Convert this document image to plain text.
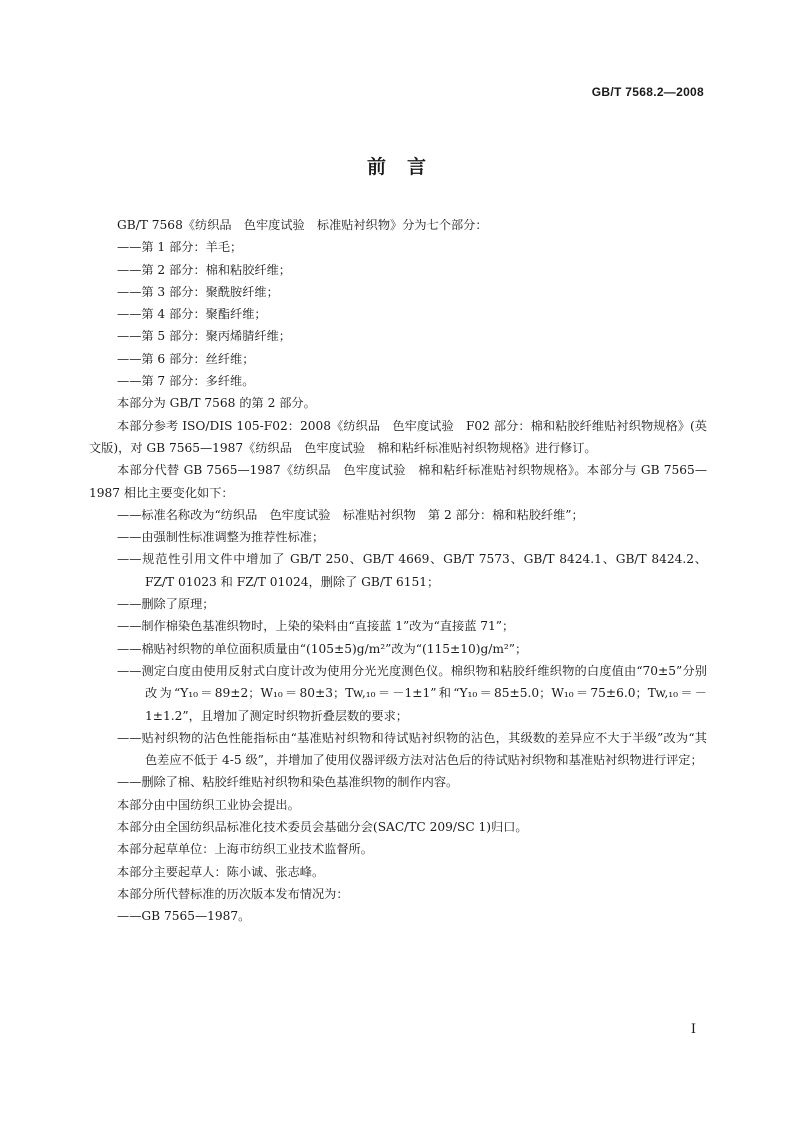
GB/T 7568.2—2008
前　言

GB/T 7568《纺织品　色牢度试验　标准贴衬织物》分为七个部分：

——第 1 部分：羊毛；

——第 2 部分：棉和粘胶纤维；

——第 3 部分：聚酰胺纤维；

——第 4 部分：聚酯纤维；

——第 5 部分：聚丙烯腈纤维；

——第 6 部分：丝纤维；

——第 7 部分：多纤维。

本部分为 GB/T 7568 的第 2 部分。

本部分参考 ISO/DIS 105-F02：2008《纺织品　色牢度试验　F02 部分：棉和粘胶纤维贴衬织物规格》(英文版)，对 GB 7565—1987《纺织品　色牢度试验　棉和粘纤标准贴衬织物规格》进行修订。

本部分代替 GB 7565—1987《纺织品　色牢度试验　棉和粘纤标准贴衬织物规格》。本部分与 GB 7565—1987 相比主要变化如下：

——标准名称改为“纺织品　色牢度试验　标准贴衬织物　第 2 部分：棉和粘胶纤维”；

——由强制性标准调整为推荐性标准；

——规范性引用文件中增加了 GB/T 250、GB/T 4669、GB/T 7573、GB/T 8424.1、GB/T 8424.2、FZ/T 01023 和 FZ/T 01024，删除了 GB/T 6151；

——删除了原理；

——制作棉染色基准织物时，上染的染料由“直接蓝 1”改为“直接蓝 71”；

——棉贴衬织物的单位面积质量由“(105±5)g/m²”改为“(115±10)g/m²”；

——测定白度由使用反射式白度计改为使用分光光度测色仪。棉织物和粘胶纤维织物的白度值由“70±5”分别改为“Y₁₀＝89±2；W₁₀＝80±3；Tw,₁₀＝－1±1”和“Y₁₀＝85±5.0；W₁₀＝75±6.0；Tw,₁₀＝－1±1.2”，且增加了测定时织物折叠层数的要求；

——贴衬织物的沾色性能指标由“基准贴衬织物和待试贴衬织物的沾色，其级数的差异应不大于半级”改为“其色差应不低于 4-5 级”，并增加了使用仪器评级方法对沾色后的待试贴衬织物和基准贴衬织物进行评定；

——删除了棉、粘胶纤维贴衬织物和染色基准织物的制作内容。

本部分由中国纺织工业协会提出。

本部分由全国纺织品标准化技术委员会基础分会(SAC/TC 209/SC 1)归口。

本部分起草单位：上海市纺织工业技术监督所。

本部分主要起草人：陈小诚、张志峰。

本部分所代替标准的历次版本发布情况为：

——GB 7565—1987。

I
